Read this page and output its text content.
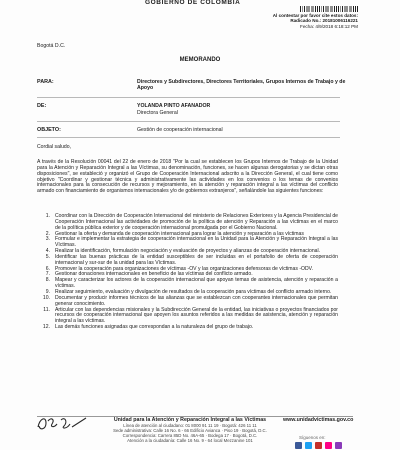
GOBIERNO DE COLOMBIA
Al contestar por favor cite estos datos:
Radicado No.: 20181006116221
Fecha: 4/9/2018 6:18:12 PM
Bogotá D.C.
MEMORANDO
PARA:	Directores y Subdirectores, Directores Territoriales, Grupos Internos de Trabajo y de Apoyo
DE:	YOLANDA PINTO AFANADOR
Directora General
OBJETO:	Gestión de cooperación internacional
Cordial saludo,
A través de la Resolución 00041 del 22 de enero de 2018 "Por la cual se establecen los Grupos Internos de Trabajo de la Unidad para la Atención y Reparación Integral a las Víctimas, su denominación, funciones, se hacen algunas derogatorias y se dictan otras disposiciones", se estableció y organizó el Grupo de Cooperación Internacional adscrito a la Dirección General, el cual tiene como objetivo "Coordinar y gestionar técnica y administrativamente las actividades en los convenios o los temas de convenios internacionales para la consecución de recursos y mejoramiento, en la atención y reparación integral a las víctimas del conflicto armado con financiamiento de organismos internacionales y/o de gobiernos extranjeros", señalándole las siguientes funciones:
1. Coordinar con la Dirección de Cooperación Internacional del ministerio de Relaciones Exteriores y la Agencia Presidencial de Cooperación Internacional las actividades de promoción de la política de atención y Reparación a las víctimas en el marco de la política pública exterior y de cooperación internacional promulgada por el Gobierno Nacional.
2. Gestionar la oferta y demanda de cooperación internacional para lograr la atención y reparación a las víctimas
3. Formular e implementar la estrategia de cooperación internacional en la Unidad para la Atención y Reparación Integral a las Víctimas.
4. Realizar la identificación, formulación negociación y evaluación de proyectos y alianzas de cooperación internacional.
5. Identificar las buenas prácticas de la entidad susceptibles de ser incluidas en el portafolio de oferta de cooperación internacional y sur-sur de la unidad para las Víctimas.
6. Promover la cooperación para organizaciones de víctimas -OV y las organizaciones defensoras de víctimas -ODV.
7. Gestionar donaciones internacionales en beneficio de las víctimas del conflicto armado.
8. Mapear y caracterizar los actores de la cooperación internacional que apoyan temas de asistencia, atención y reparación a víctimas.
9. Realizar seguimiento, evaluación y divulgación de resultados de la cooperación para víctimas del conflicto armado interno.
10. Documentar y producir informes técnicos de las alianzas que se establezcan con cooperantes internacionales que permitan generar conocimiento.
11. Articular con las dependencias misionales y la Subdirección General de la entidad, las iniciativas o proyectos financiados por recursos de cooperación internacional que apoyen los asuntos referidos a las medidas de asistencia, atención y reparación integral a las víctimas.
12. Las demás funciones asignadas que correspondan a la naturaleza del grupo de trabajo.
Unidad para la Atención y Reparación Integral a las Víctimas
Línea de atención al ciudadano: 01 8000 91 11 19 · Bogotá: 426 11 11
Sede administrativa: Calle 16 No. 6 - 66 Edificio Avianca · Piso 19 · Bogotá, D.C.
Correspondencia: Carrera 85D No. 46A-65 · Bodega 17 · Bogotá, D.C.
Atención a la ciudadanía: Calle 16 No. 9 - 64 local Mezzanine 101
www.unidadvictimas.gov.co
Síguenos en:
